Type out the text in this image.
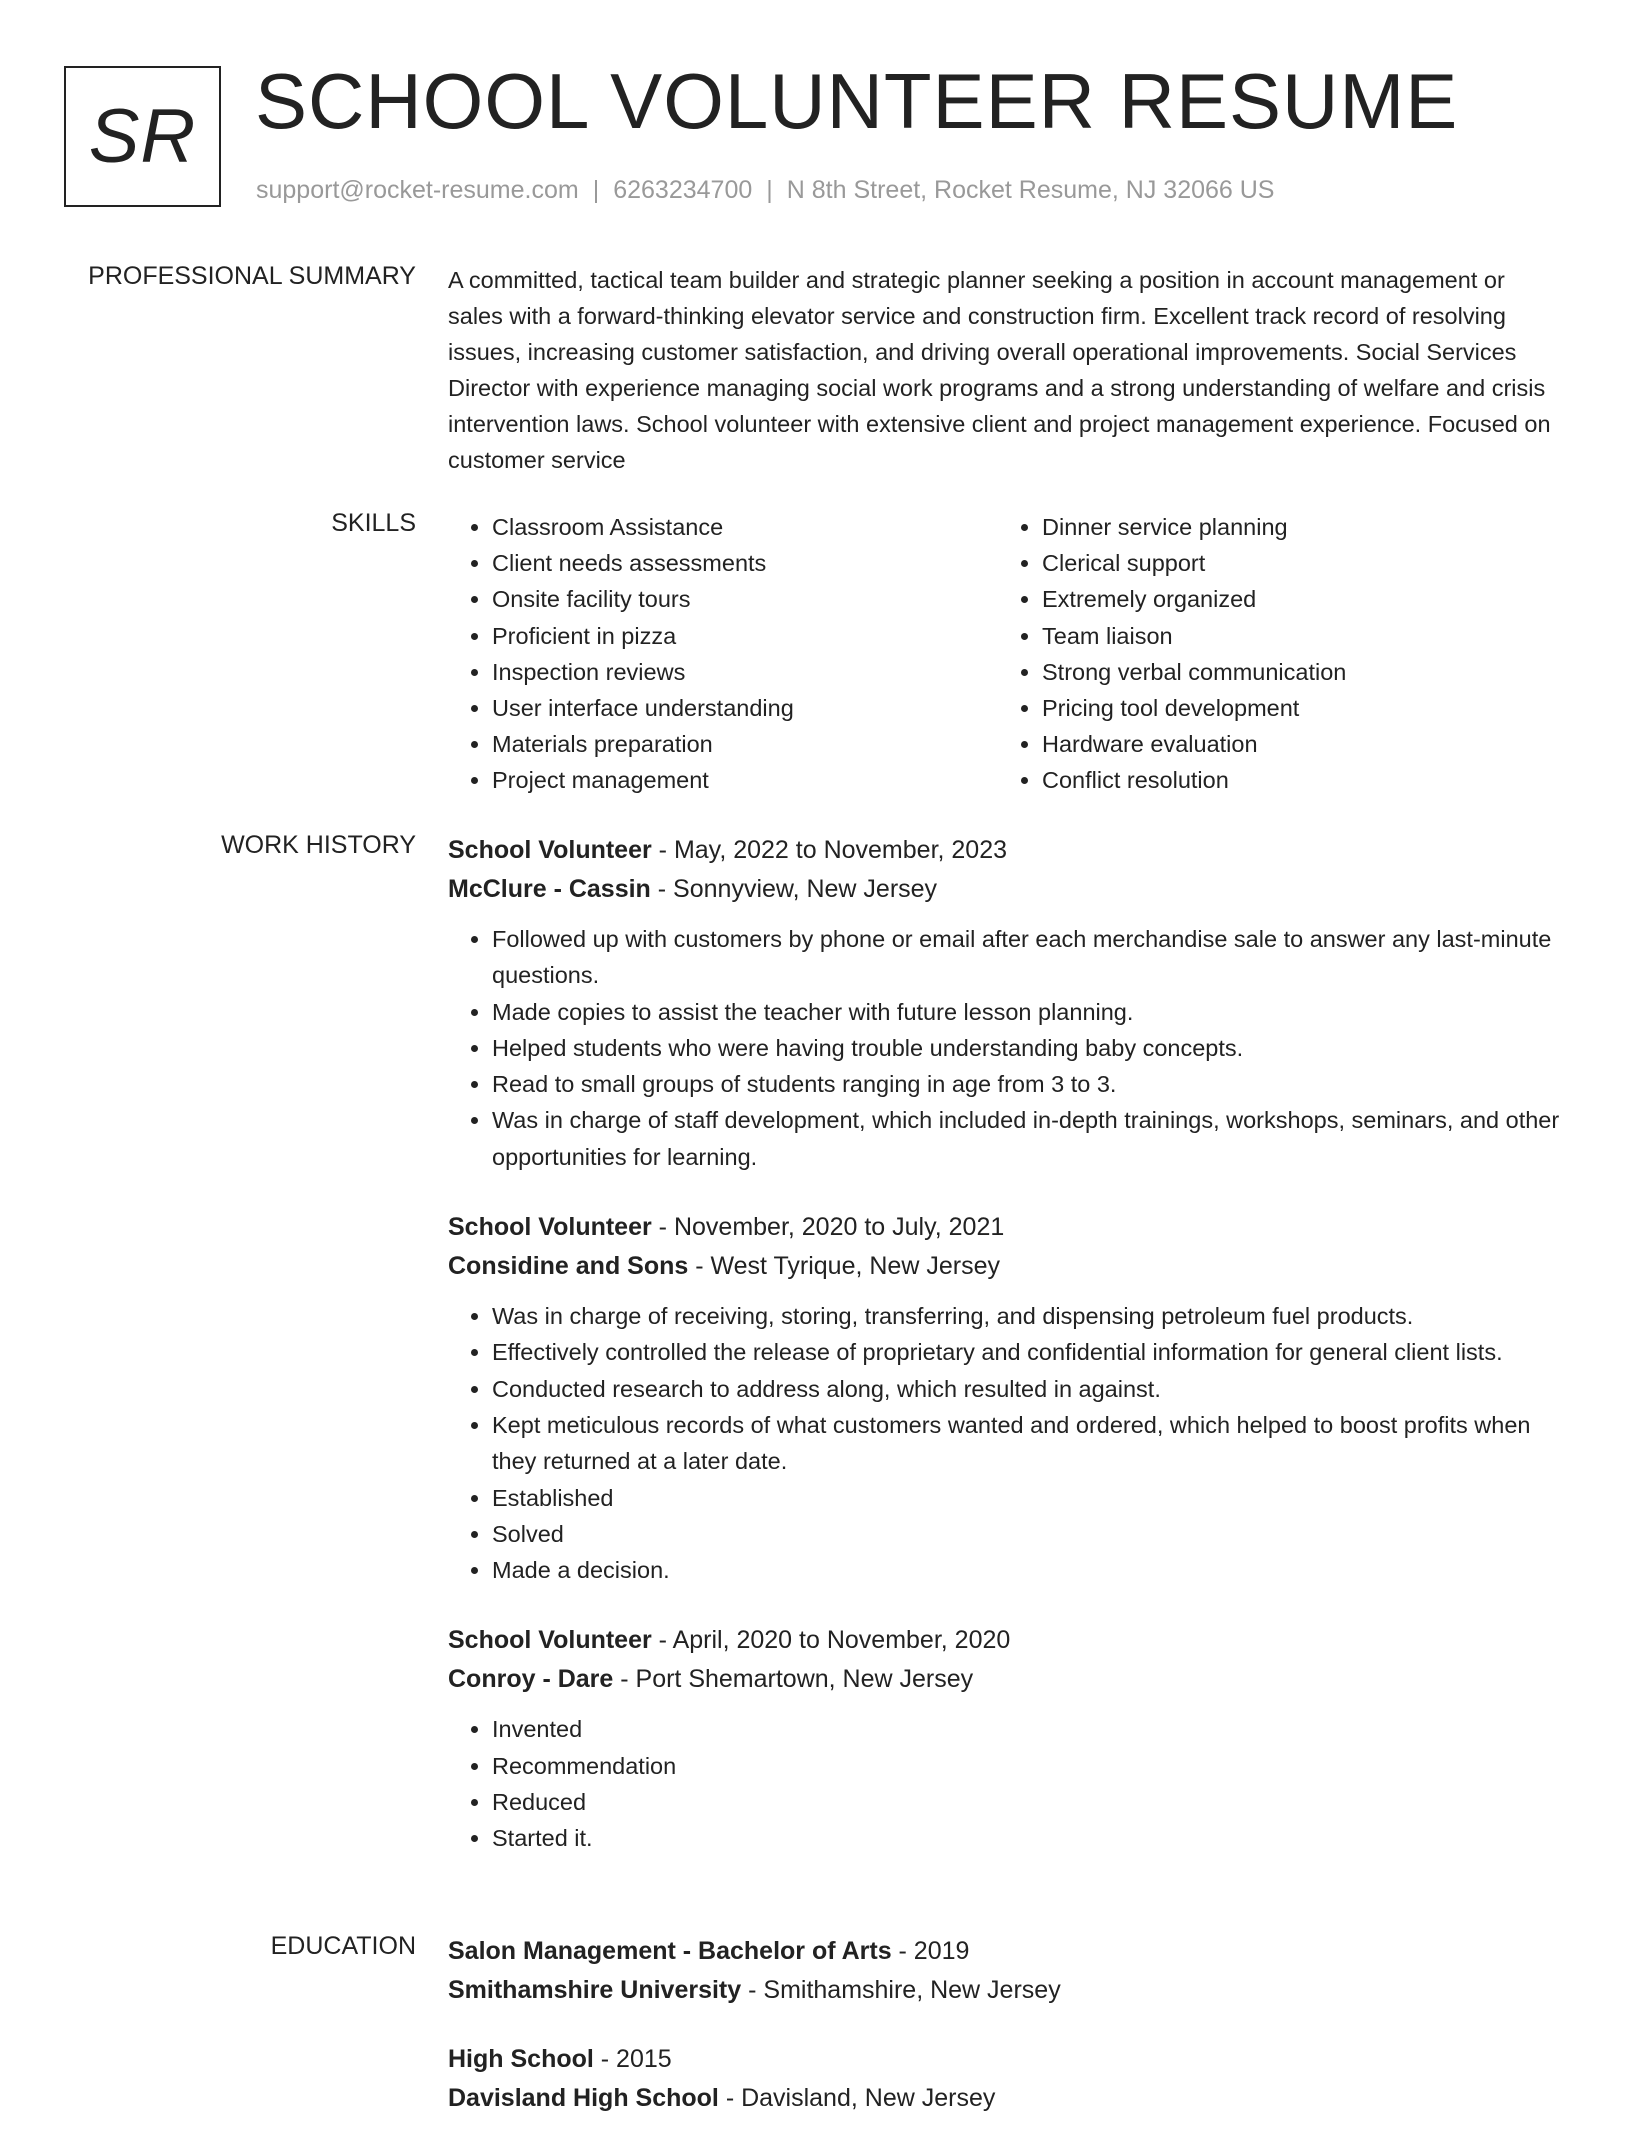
SR SCHOOL VOLUNTEER RESUME
support@rocket-resume.com | 6263234700 | N 8th Street, Rocket Resume, NJ 32066 US
PROFESSIONAL SUMMARY A committed, tactical team builder and strategic planner seeking a position in account management or sales with a forward-thinking elevator service and construction firm. Excellent track record of resolving issues, increasing customer satisfaction, and driving overall operational improvements. Social Services Director with experience managing social work programs and a strong understanding of welfare and crisis intervention laws. School volunteer with extensive client and project management experience. Focused on customer service

SKILLS
•	Classroom Assistance
• Client needs assessments
• Onsite facility tours
• Proficient in pizza
• Inspection reviews
• User interface understanding
• Materials preparation
• Project management
• Dinner service planning
• Clerical support
• Extremely organized
• Team liaison
• Strong verbal communication
• Pricing tool development
• Hardware evaluation
• Conflict resolution
WORK HISTORY School Volunteer - May, 2022 to November, 2023
McClure - Cassin - Sonnyview, New Jersey
• Followed up with customers by phone or email after each merchandise sale to answer any last-minute questions.
• Made copies to assist the teacher with future lesson planning.
• Helped students who were having trouble understanding baby concepts.
• Read to small groups of students ranging in age from 3 to 3.
• Was in charge of staff development, which included in-depth trainings, workshops, seminars, and other opportunities for learning.
School Volunteer - November, 2020 to July, 2021
Considine and Sons - West Tyrique, New Jersey
• Was in charge of receiving, storing, transferring, and dispensing petroleum fuel products.
• Effectively controlled the release of proprietary and confidential information for general client lists.
• Conducted research to address along, which resulted in against.
• Kept meticulous records of what customers wanted and ordered, which helped to boost profits when they returned at a later date.
• Established
• Solved
• Made a decision.
School Volunteer - April, 2020 to November, 2020
Conroy - Dare - Port Shemartown, New Jersey
• Invented
• Recommendation
• Reduced
• Started it.
EDUCATION Salon Management - Bachelor of Arts - 2019
Smithamshire University - Smithamshire, New Jersey
High School - 2015
Davisland High School - Davisland, New Jersey
